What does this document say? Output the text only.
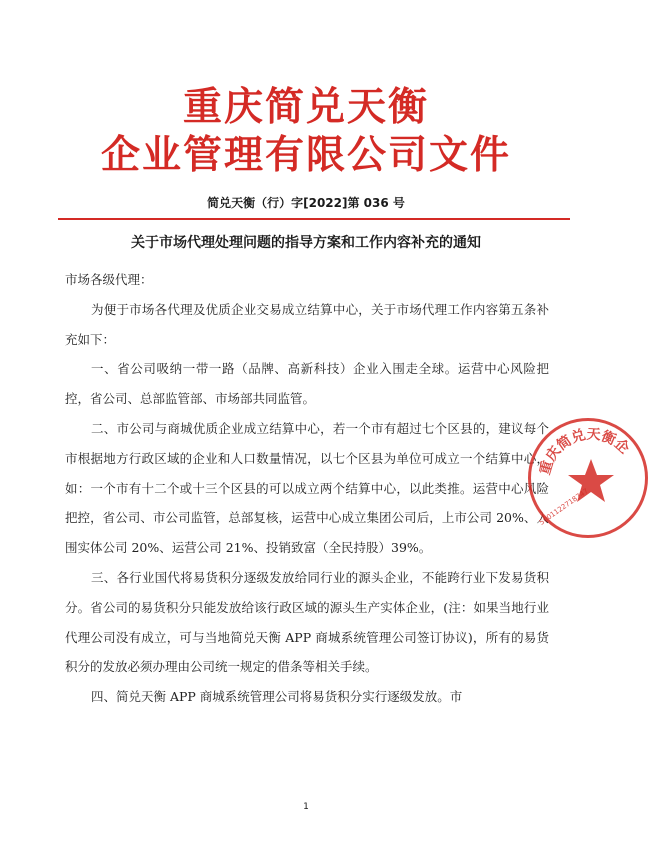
重庆简兑天衡
企业管理有限公司文件
简兑天衡（行）字[2022]第 036 号
关于市场代理处理问题的指导方案和工作内容补充的通知

市场各级代理：

为便于市场各代理及优质企业交易成立结算中心，关于市场代理工作内容第五条补充如下：

一、省公司吸纳一带一路（品牌、高新科技）企业入围走全球。运营中心风险把控，省公司、总部监管部、市场部共同监管。

二、市公司与商城优质企业成立结算中心，若一个市有超过七个区县的，建议每个市根据地方行政区域的企业和人口数量情况，以七个区县为单位可成立一个结算中心，如：一个市有十二个或十三个区县的可以成立两个结算中心，以此类推。运营中心风险把控，省公司、市公司监管，总部复核，运营中心成立集团公司后，上市公司 20%、入围实体公司 20%、运营公司 21%、投销致富（全民持股）39%。

三、各行业国代将易货积分逐级发放给同行业的源头企业，不能跨行业下发易货积分。省公司的易货积分只能发放给该行政区域的源头生产实体企业，(注：如果当地行业代理公司没有成立，可与当地简兑天衡 APP 商城系统管理公司签订协议)，所有的易货积分的发放必须办理由公司统一规定的借条等相关手续。

四、简兑天衡 APP 商城系统管理公司将易货积分实行逐级发放。市

重庆简兑天衡企
5001122718747
1
